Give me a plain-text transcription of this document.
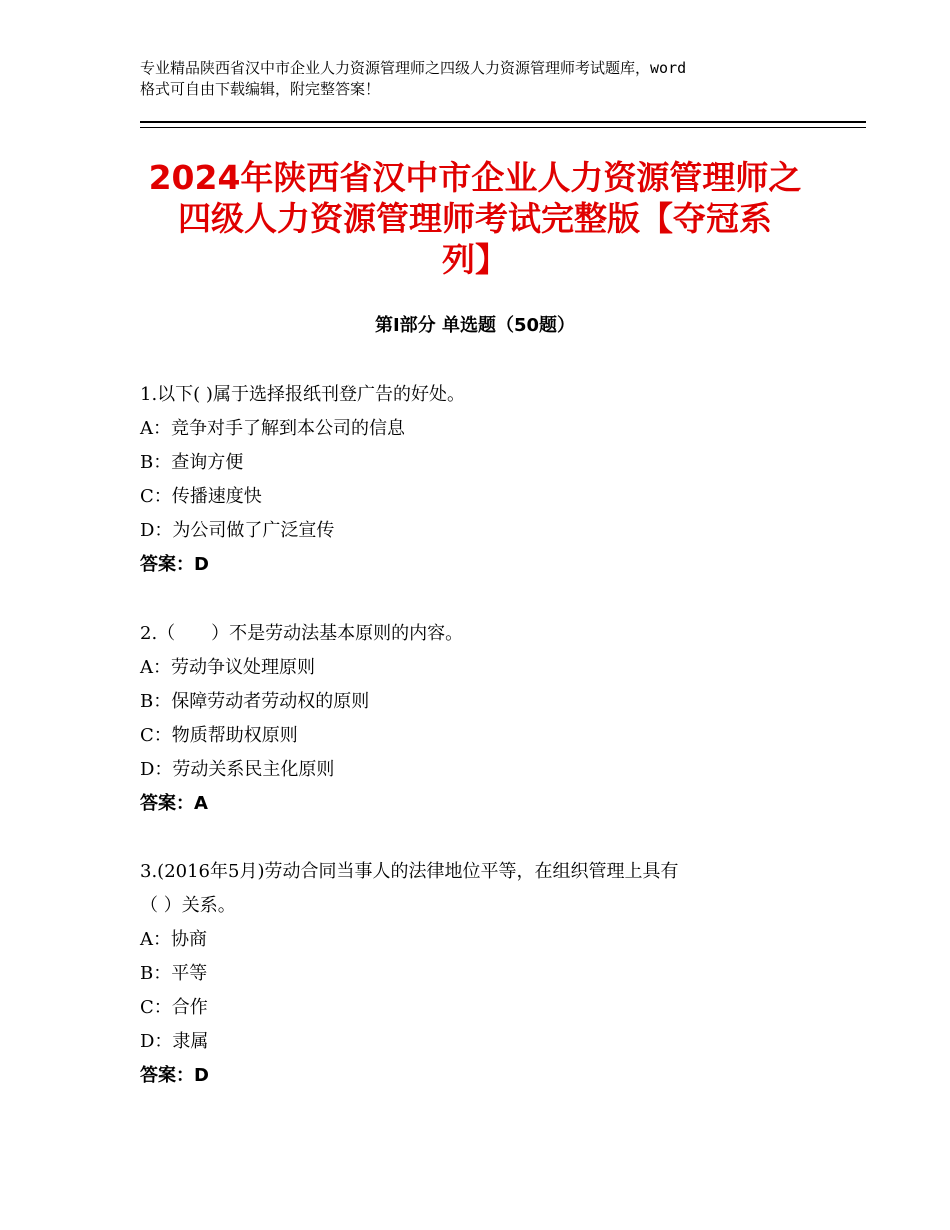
专业精品陕西省汉中市企业人力资源管理师之四级人力资源管理师考试题库，word
格式可自由下载编辑，附完整答案！
2024年陕西省汉中市企业人力资源管理师之
四级人力资源管理师考试完整版【夺冠系
列】
第Ⅰ部分 单选题（50题）
1.以下( )属于选择报纸刊登广告的好处。
A：竞争对手了解到本公司的信息
B：查询方便
C：传播速度快
D：为公司做了广泛宣传
答案：D
2.（　　）不是劳动法基本原则的内容。
A：劳动争议处理原则
B：保障劳动者劳动权的原则
C：物质帮助权原则
D：劳动关系民主化原则
答案：A
3.(2016年5月)劳动合同当事人的法律地位平等，在组织管理上具有
（ ）关系。
A：协商
B：平等
C：合作
D：隶属
答案：D
